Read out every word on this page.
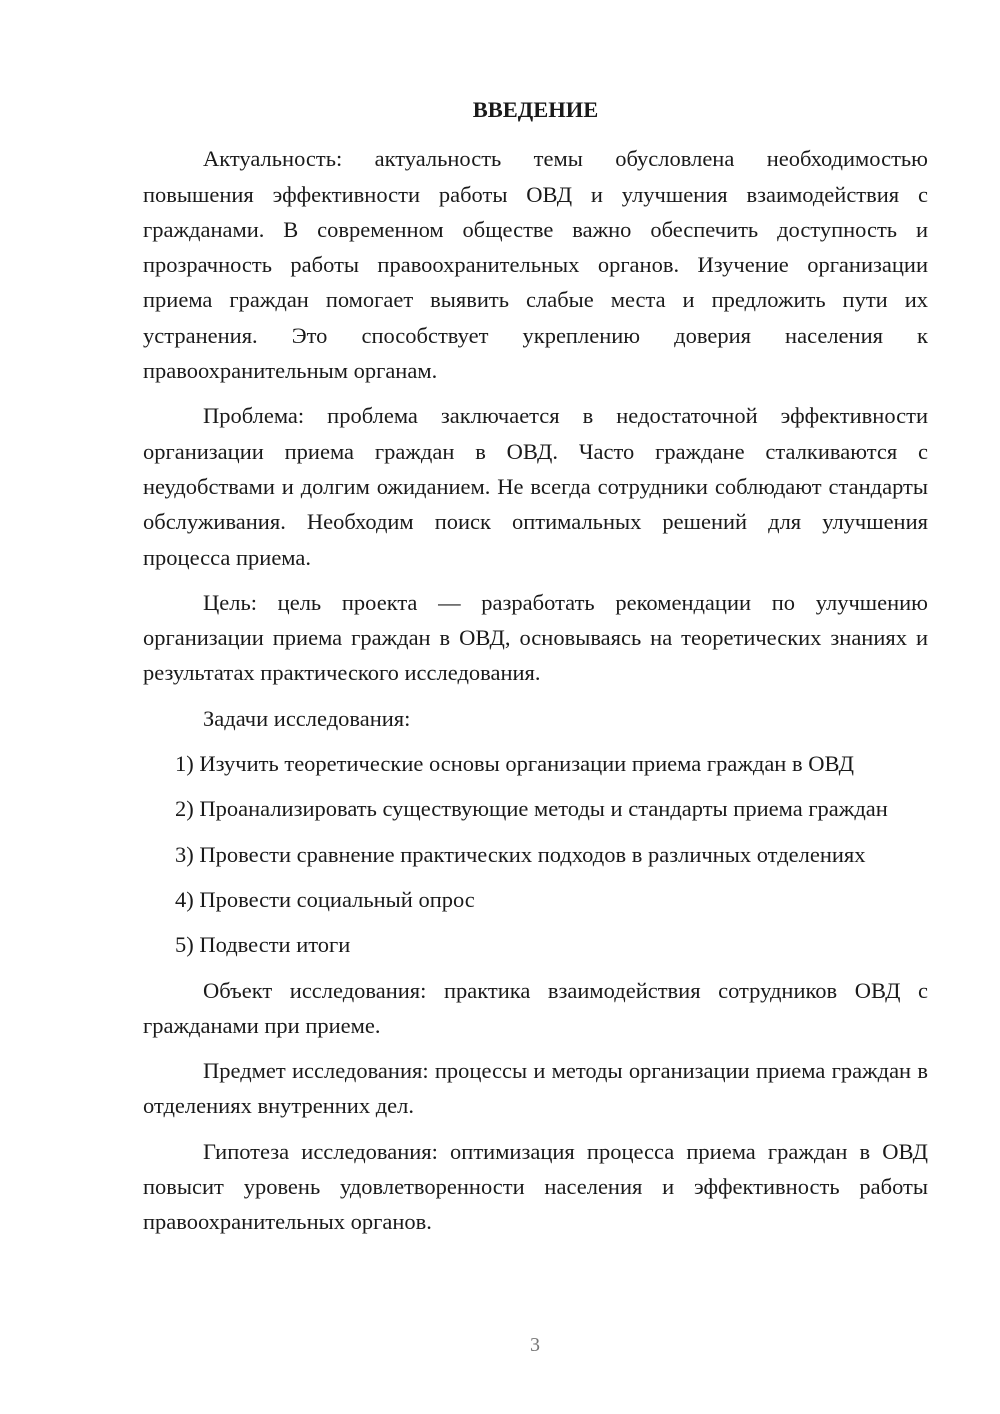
ВВЕДЕНИЕ

Актуальность: актуальность темы обусловлена необходимостью повышения эффективности работы ОВД и улучшения взаимодействия с гражданами. В современном обществе важно обеспечить доступность и прозрачность работы правоохранительных органов. Изучение организации приема граждан помогает выявить слабые места и предложить пути их устранения. Это способствует укреплению доверия населения к правоохранительным органам.

Проблема: проблема заключается в недостаточной эффективности организации приема граждан в ОВД. Часто граждане сталкиваются с неудобствами и долгим ожиданием. Не всегда сотрудники соблюдают стандарты обслуживания. Необходим поиск оптимальных решений для улучшения процесса приема.

Цель: цель проекта — разработать рекомендации по улучшению организации приема граждан в ОВД, основываясь на теоретических знаниях и результатах практического исследования.

Задачи исследования:

1) Изучить теоретические основы организации приема граждан в ОВД

2) Проанализировать существующие методы и стандарты приема граждан

3) Провести сравнение практических подходов в различных отделениях

4) Провести социальный опрос

5) Подвести итоги

Объект исследования: практика взаимодействия сотрудников ОВД с гражданами при приеме.

Предмет исследования: процессы и методы организации приема граждан в отделениях внутренних дел.

Гипотеза исследования: оптимизация процесса приема граждан в ОВД повысит уровень удовлетворенности населения и эффективность работы правоохранительных органов.

3
